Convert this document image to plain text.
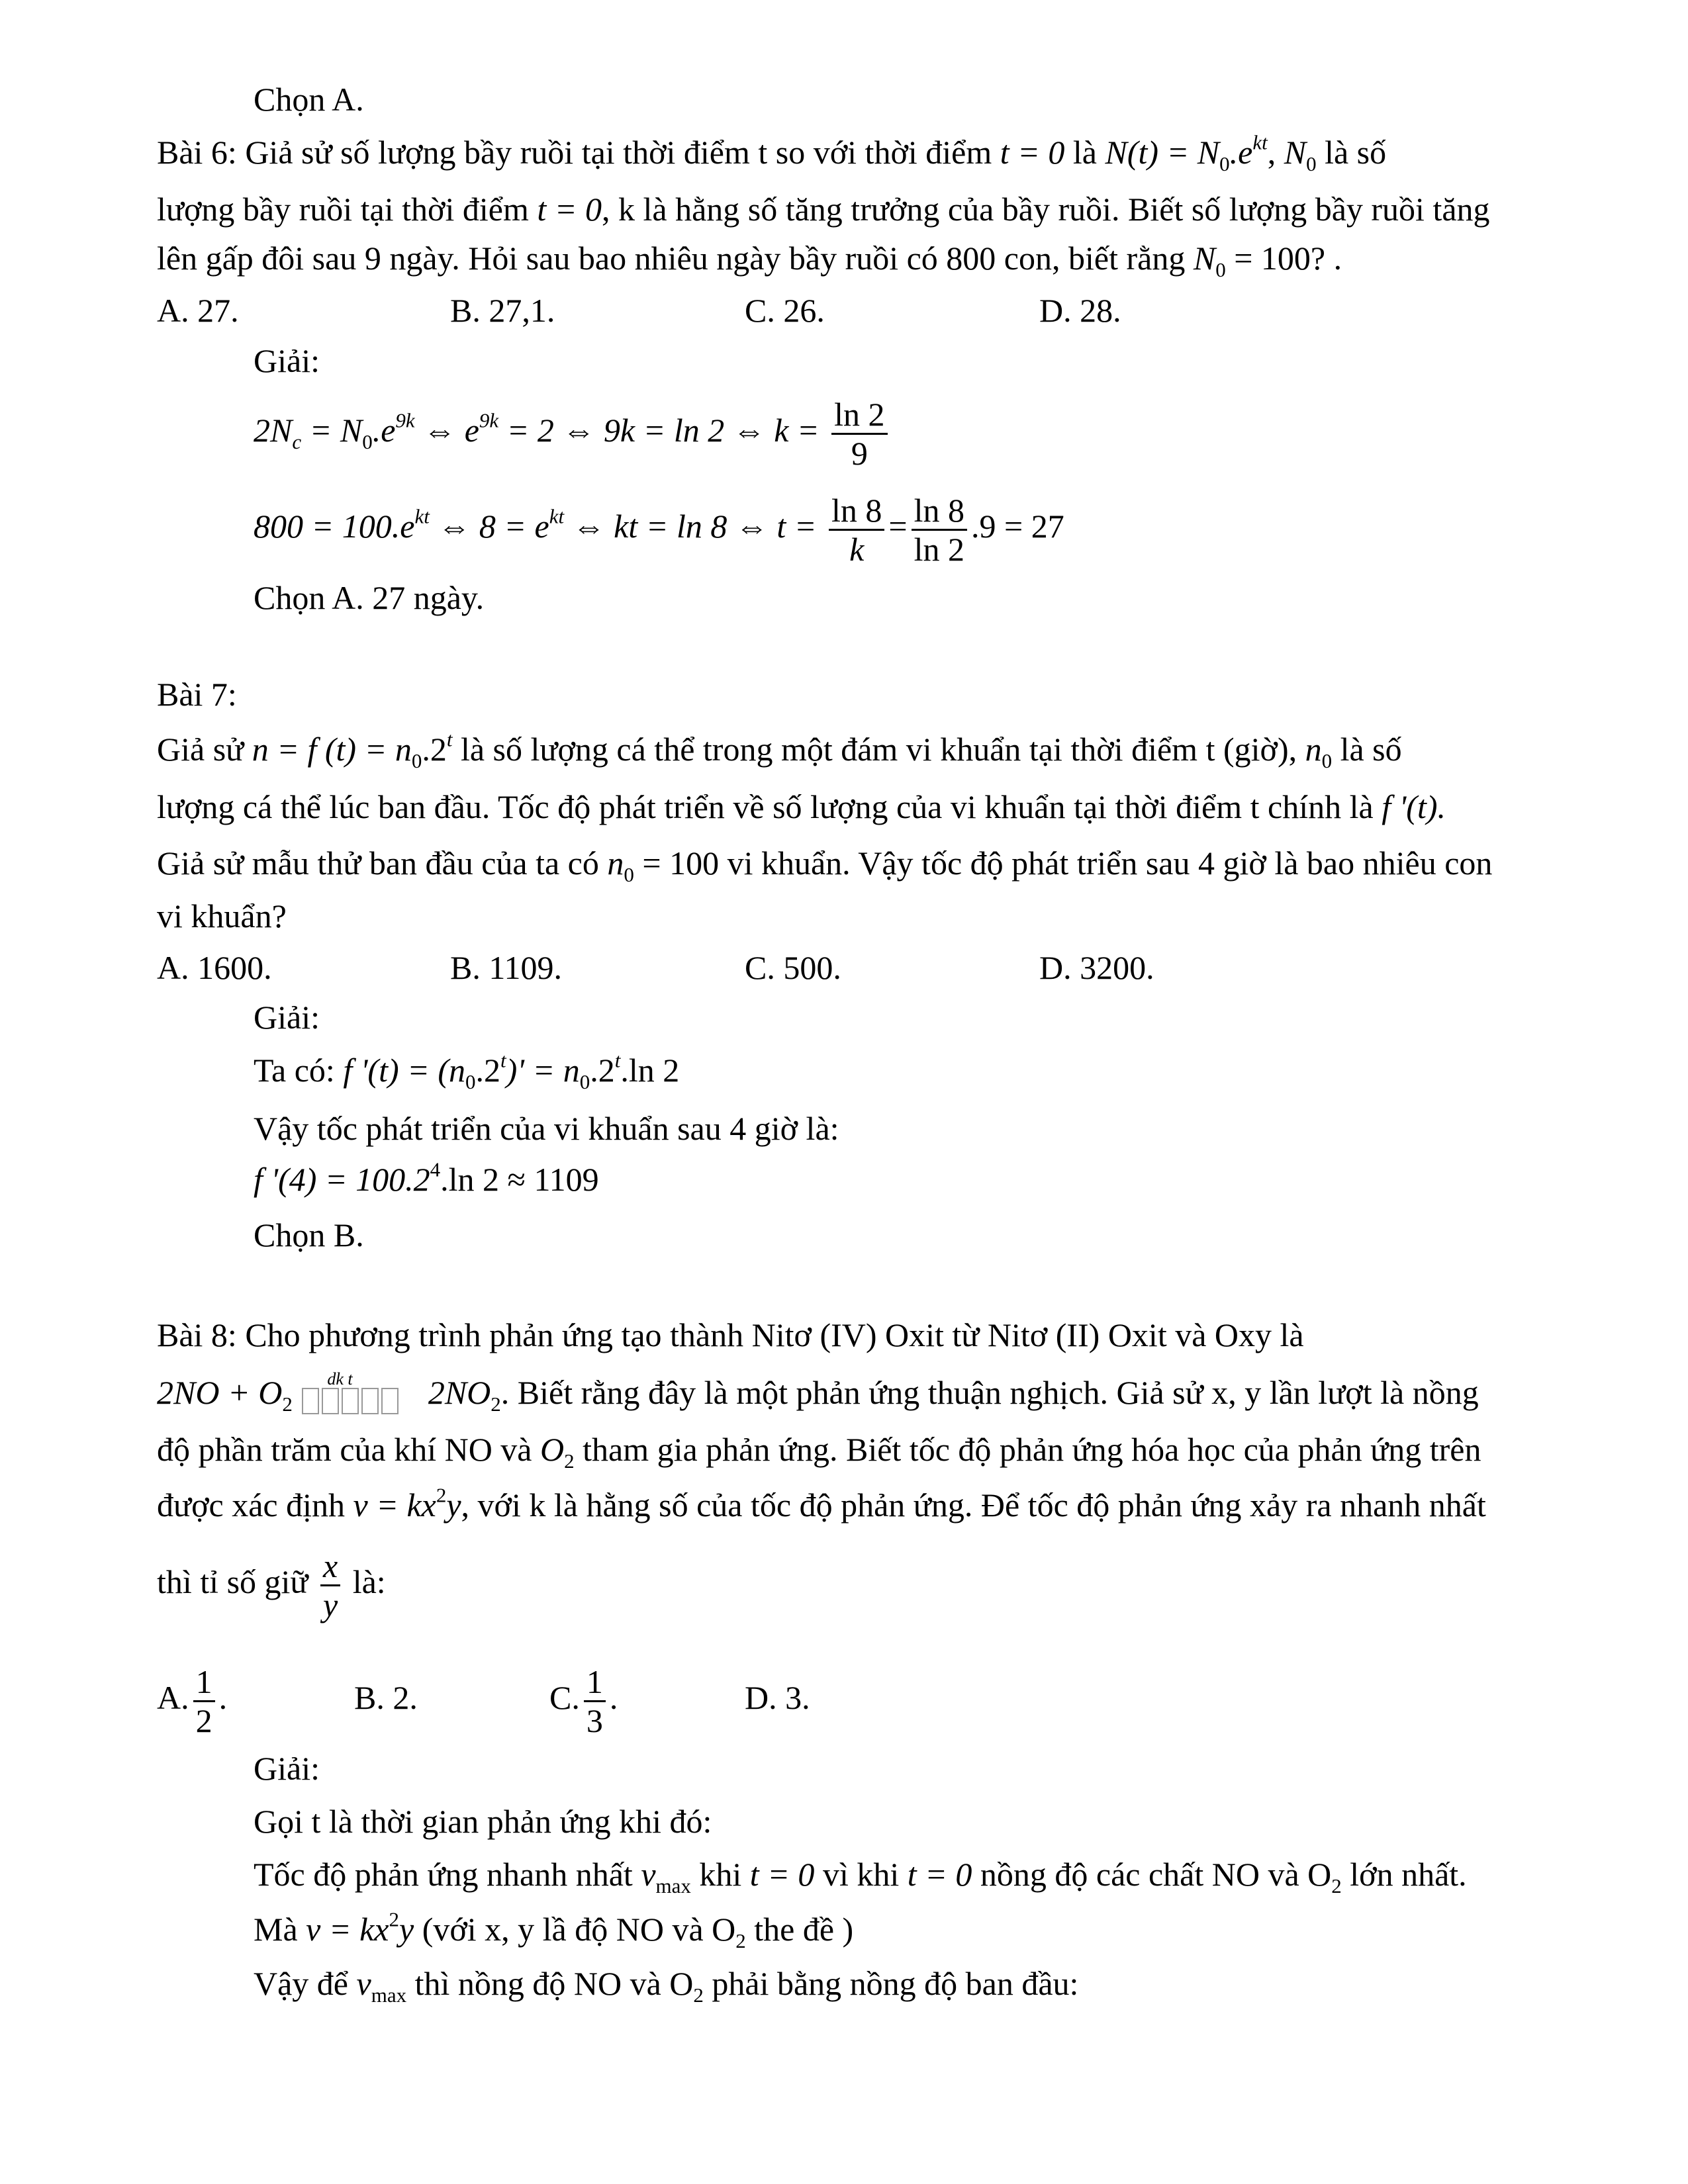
Chọn A.
Bài 6: Giả sử số lượng bầy ruồi tại thời điểm t so với thời điểm t = 0 là $N(t) = N_0.e^{kt}$, $N_0$ là số
lượng bầy ruồi tại thời điểm t = 0, k là hằng số tăng trưởng của bầy ruồi. Biết số lượng bầy ruồi tăng
lên gấp đôi sau 9 ngày. Hỏi sau bao nhiêu ngày bầy ruồi có 800 con, biết rằng $N_0 = 100$? .
A. 27.	B. 27,1.	C. 26.	D. 28.
Giải:
$2N_c = N_0.e^{9k}$ ⇔ $e^{9k} = 2$ ⇔ 9k = ln 2 ⇔ $k = \frac{\ln 2}{9}$
$800 = 100.e^{kt}$ ⇔ $8 = e^{kt}$ ⇔ kt = ln 8 ⇔ $t = \frac{\ln 8}{k} = \frac{\ln 8}{\ln 2} .9 = 27$
Chọn A. 27 ngày.
Bài 7:
Giả sử n = f $(t) = n_0.2^t$ là số lượng cá thể trong một đám vi khuẩn tại thời điểm t (giờ), $n_0$ là số
lượng cá thể lúc ban đầu. Tốc độ phát triển về số lượng của vi khuẩn tại thời điểm t chính là f '(t).
Giả sử mẫu thử ban đầu của ta có $n_0 = 100$ vi khuẩn. Vậy tốc độ phát triển sau 4 giờ là bao nhiêu con
vi khuẩn?
A. 1600.	B. 1109.	C. 500.	D. 3200.
Giải:
Ta có: f '$(t) = (n_0.2^t)' = n_0.2^t.\ln$ 2
Vậy tốc phát triển của vi khuẩn sau 4 giờ là:
f '$(4) = 100.2^4.\ln$ 2 ≈ 1109
Chọn B.
Bài 8: Cho phương trình phản ứng tạo thành Nitơ (IV) Oxit từ Nitơ (II) Oxit và Oxy là
$2NO + O_2$
dk t $2NO_2$. Biết rằng đây là một phản ứng thuận nghịch. Giả sử x, y lần lượt là nồng
độ phần trăm của khí NO và $O_2$ tham gia phản ứng. Biết tốc độ phản ứng hóa học của phản ứng trên
được xác định $v = kx^2y$, với k là hằng số của tốc độ phản ứng. Để tốc độ phản ứng xảy ra nhanh nhất
thì tỉ số giữ $\frac{x}{y}$ là:
A. $\frac{1}{2}$ .	B. 2.	C. $\frac{1}{3}$ .	D. 3.
Giải:
Gọi t là thời gian phản ứng khi đó:
Tốc độ phản ứng nhanh nhất $v_{max}$ khi t = 0 vì khi t = 0 nồng độ các chất NO và $O_2$ lớn nhất.
Mà $v = kx^2y$ (với x, y lầ độ NO và $O_2$ the đề )
Vậy để $v_{max}$ thì nồng độ NO và $O_2$ phải bằng nồng độ ban đầu:
